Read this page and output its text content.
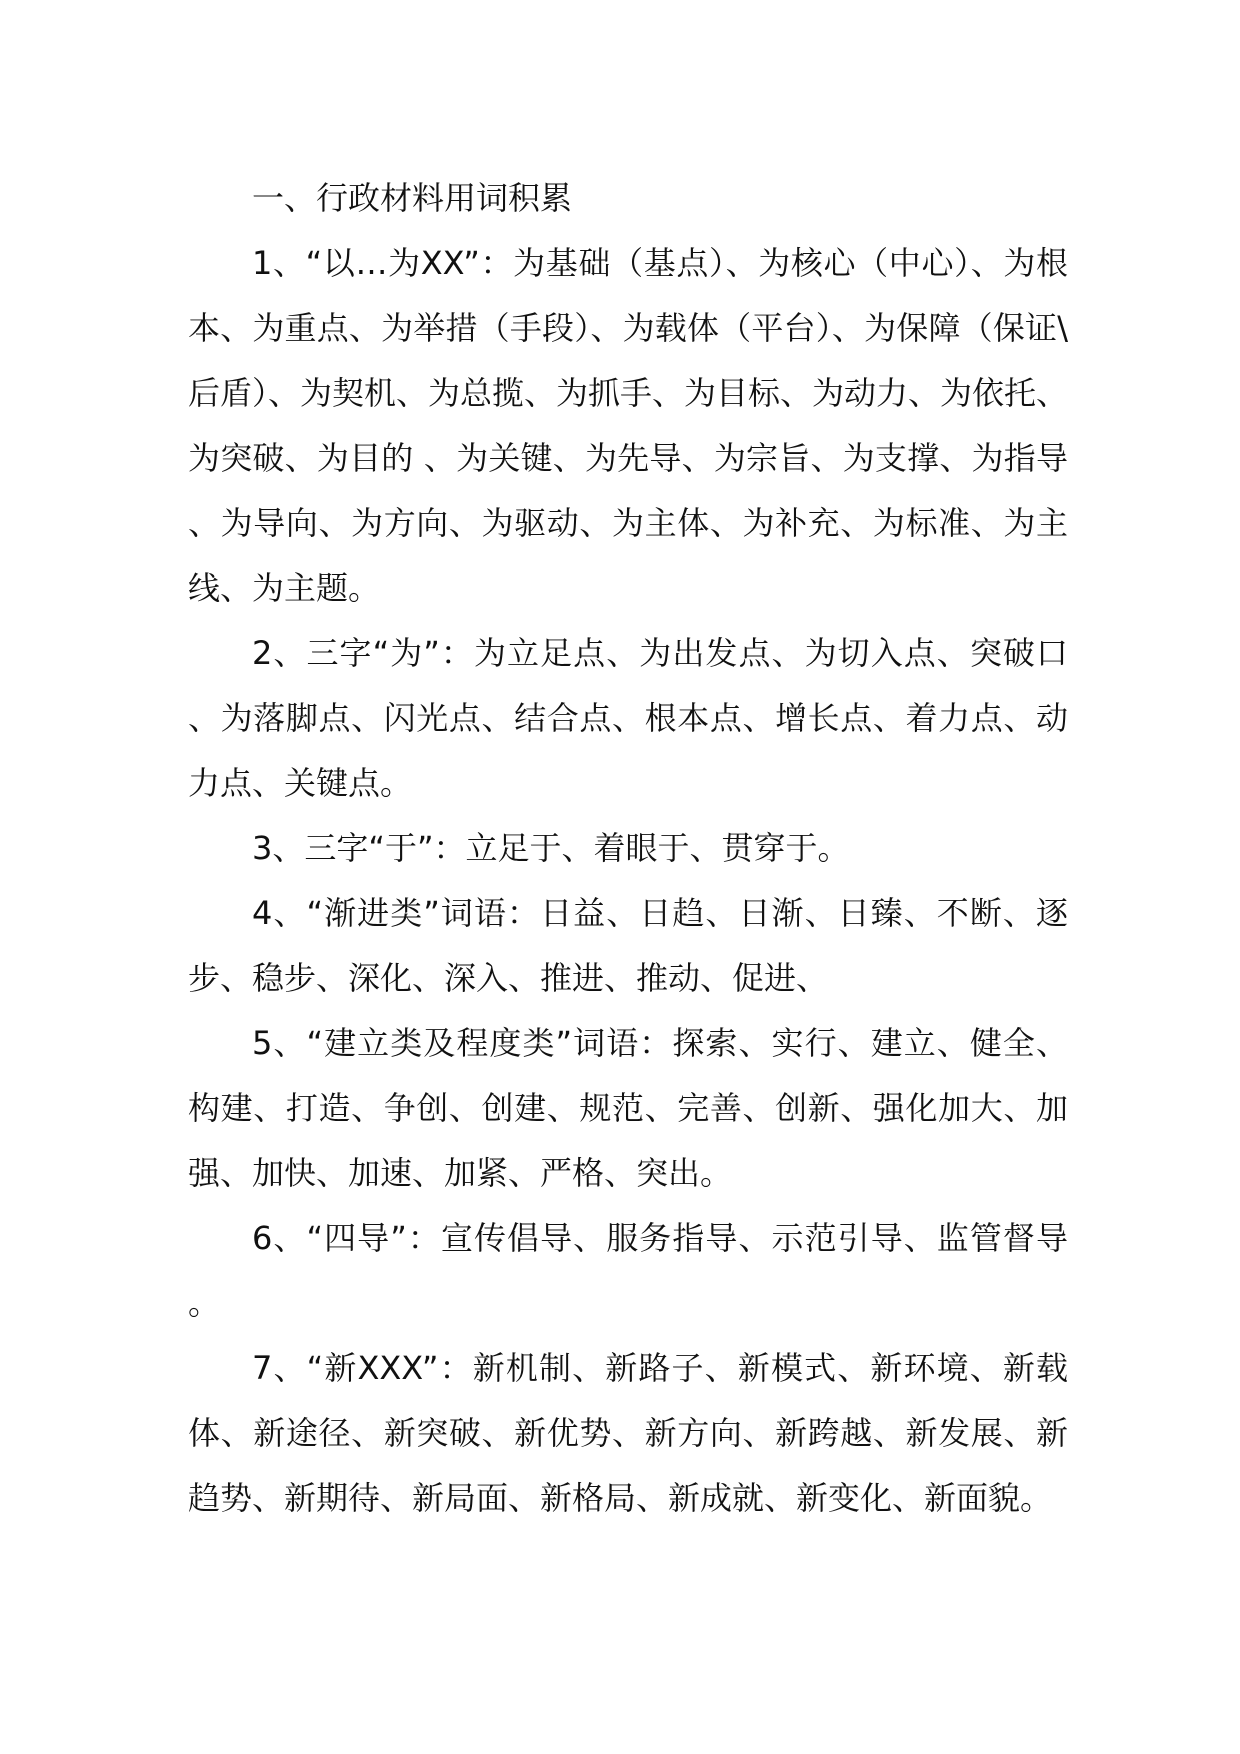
一、行政材料用词积累

1、“以…为XX”：为基础（基点）、为核心（中心）、为根本、为重点、为举措（手段）、为载体（平台）、为保障（保证\后盾）、为契机、为总揽、为抓手、为目标、为动力、为依托、为突破、为目的 、为关键、为先导、为宗旨、为支撑、为指导、为导向、为方向、为驱动、为主体、为补充、为标准、为主线、为主题。

2、三字“为”：为立足点、为出发点、为切入点、突破口、为落脚点、闪光点、结合点、根本点、增长点、着力点、动力点、关键点。

3、三字“于”：立足于、着眼于、贯穿于。

4、“渐进类”词语：日益、日趋、日渐、日臻、不断、逐步、稳步、深化、深入、推进、推动、促进、

5、“建立类及程度类”词语：探索、实行、建立、健全、构建、打造、争创、创建、规范、完善、创新、强化加大、加强、加快、加速、加紧、严格、突出。

6、“四导”：宣传倡导、服务指导、示范引导、监管督导。

7、“新XXX”：新机制、新路子、新模式、新环境、新载体、新途径、新突破、新优势、新方向、新跨越、新发展、新趋势、新期待、新局面、新格局、新成就、新变化、新面貌。
